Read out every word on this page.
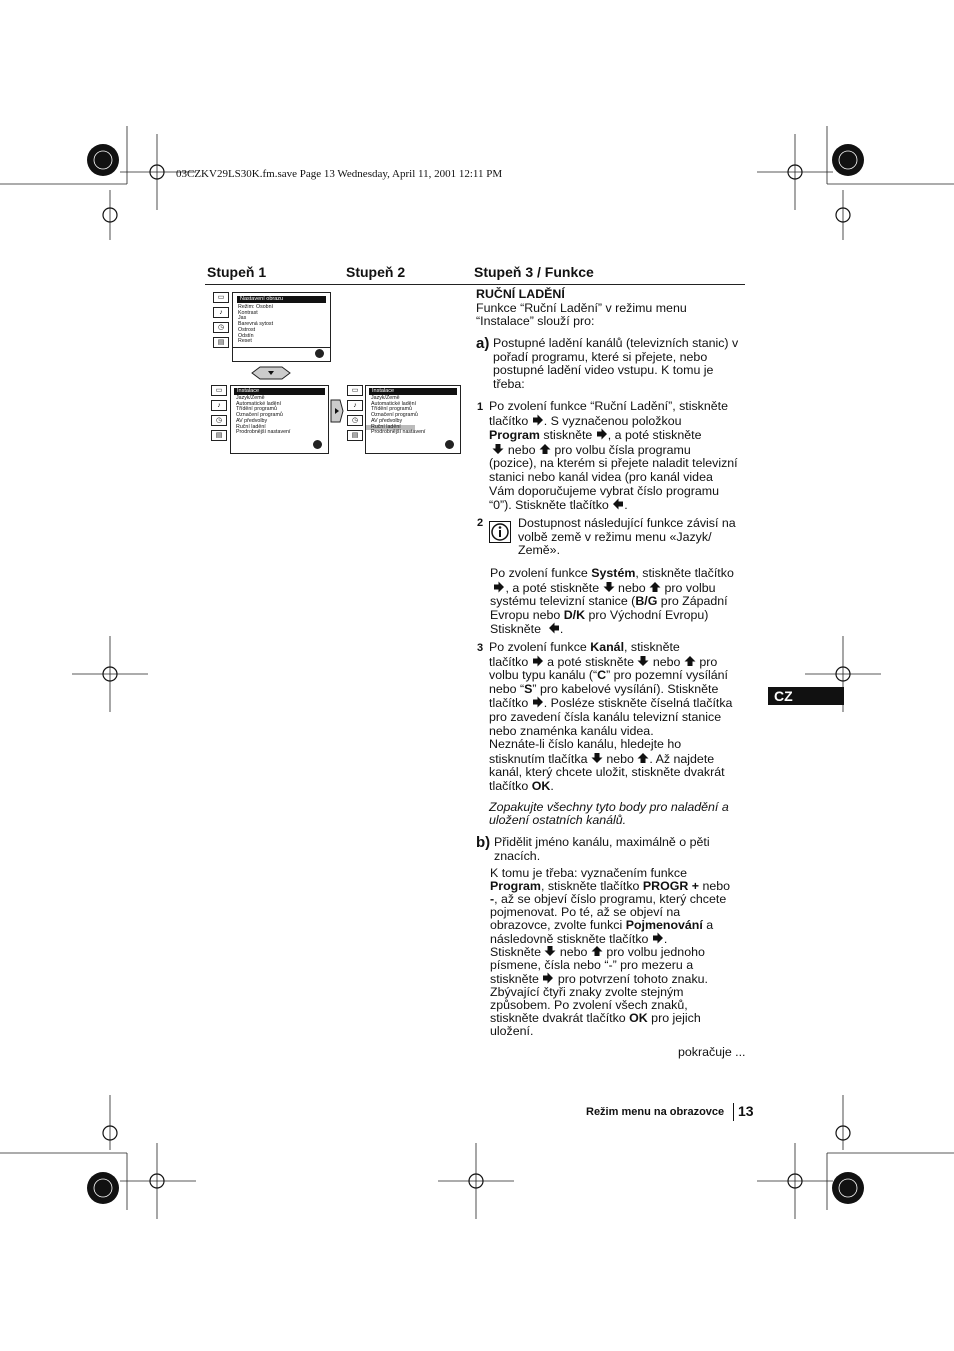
03CZKV29LS30K.fm.save Page 13 Wednesday, April 11, 2001 12:11 PM
Stupeň 1	Stupeň 2	Stupeň 3 / Funkce
▭
♪
◷
▤
Nastavení obrazu
Režim: Osobní
Kontrast
Jas
Barevná sytost
Ostrost
Odstín
Reset
▭
♪
◷
▤
Instalace
Jazyk/Země
Automatické ladění
Třídění programů
Označení programů
AV předvolby
Ruční ladění
Prodrobnější nastavení
▭
♪
◷
▤
Instalace
Jazyk/Země
Automatické ladění
Třídění programů
Označení programů
AV předvolby
Ruční ladění
Prodrobnější nastavení
RUČNÍ LADĚNÍ
Funkce “Ruční Ladění” v režimu menu
“Instalace” slouží pro:
a) Postupné ladění kanálů (televizních stanic) v
pořadí programu, které si přejete, nebo
postupné ladění video vstupu. K tomu je
třeba:
1 Po zvolení funkce “Ruční Ladění”, stiskněte
tlačítko . S vyznačenou položkou
Program stiskněte , a poté stiskněte
nebo pro volbu čísla programu
(pozice), na kterém si přejete naladit televizní
stanici nebo kanál videa (pro kanál videa
Vám doporučujeme vybrat číslo programu
“0”). Stiskněte tlačítko .
2	Dostupnost následující funkce závisí na
volbě země v režimu menu «Jazyk/
Země».
Po zvolení funkce Systém, stiskněte tlačítko
, a poté stiskněte nebo pro volbu
systému televizní stanice (B/G pro Západní
Evropu nebo D/K pro Východní Evropu)
Stiskněte .
3 Po zvolení funkce Kanál, stiskněte
tlačítko a poté stiskněte nebo pro
volbu typu kanálu (“C” pro pozemní vysílání
nebo “S” pro kabelové vysílání). Stiskněte
tlačítko . Posléze stiskněte číselná tlačítka
pro zavedení čísla kanálu televizní stanice
nebo znaménka kanálu videa.
Neznáte-li číslo kanálu, hledejte ho
stisknutím tlačítka nebo . Až najdete
kanál, který chcete uložit, stiskněte dvakrát
tlačítko OK.
Zopakujte všechny tyto body pro naladění a
uložení ostatních kanálů.
b) Přidělit jméno kanálu, maximálně o pěti
znacích.
K tomu je třeba: vyznačením funkce
Program, stiskněte tlačítko PROGR + nebo
-, až se objeví číslo programu, který chcete
pojmenovat. Po té, až se objeví na
obrazovce, zvolte funkci Pojmenování a
následovně stiskněte tlačítko .
Stiskněte nebo pro volbu jednoho
písmene, čísla nebo “-” pro mezeru a
stiskněte pro potvrzení tohoto znaku.
Zbývající čtyři znaky zvolte stejným
způsobem. Po zvolení všech znaků,
stiskněte dvakrát tlačítko OK pro jejich
uložení.
pokračuje ...
CZ
Režim menu na obrazovce 13
